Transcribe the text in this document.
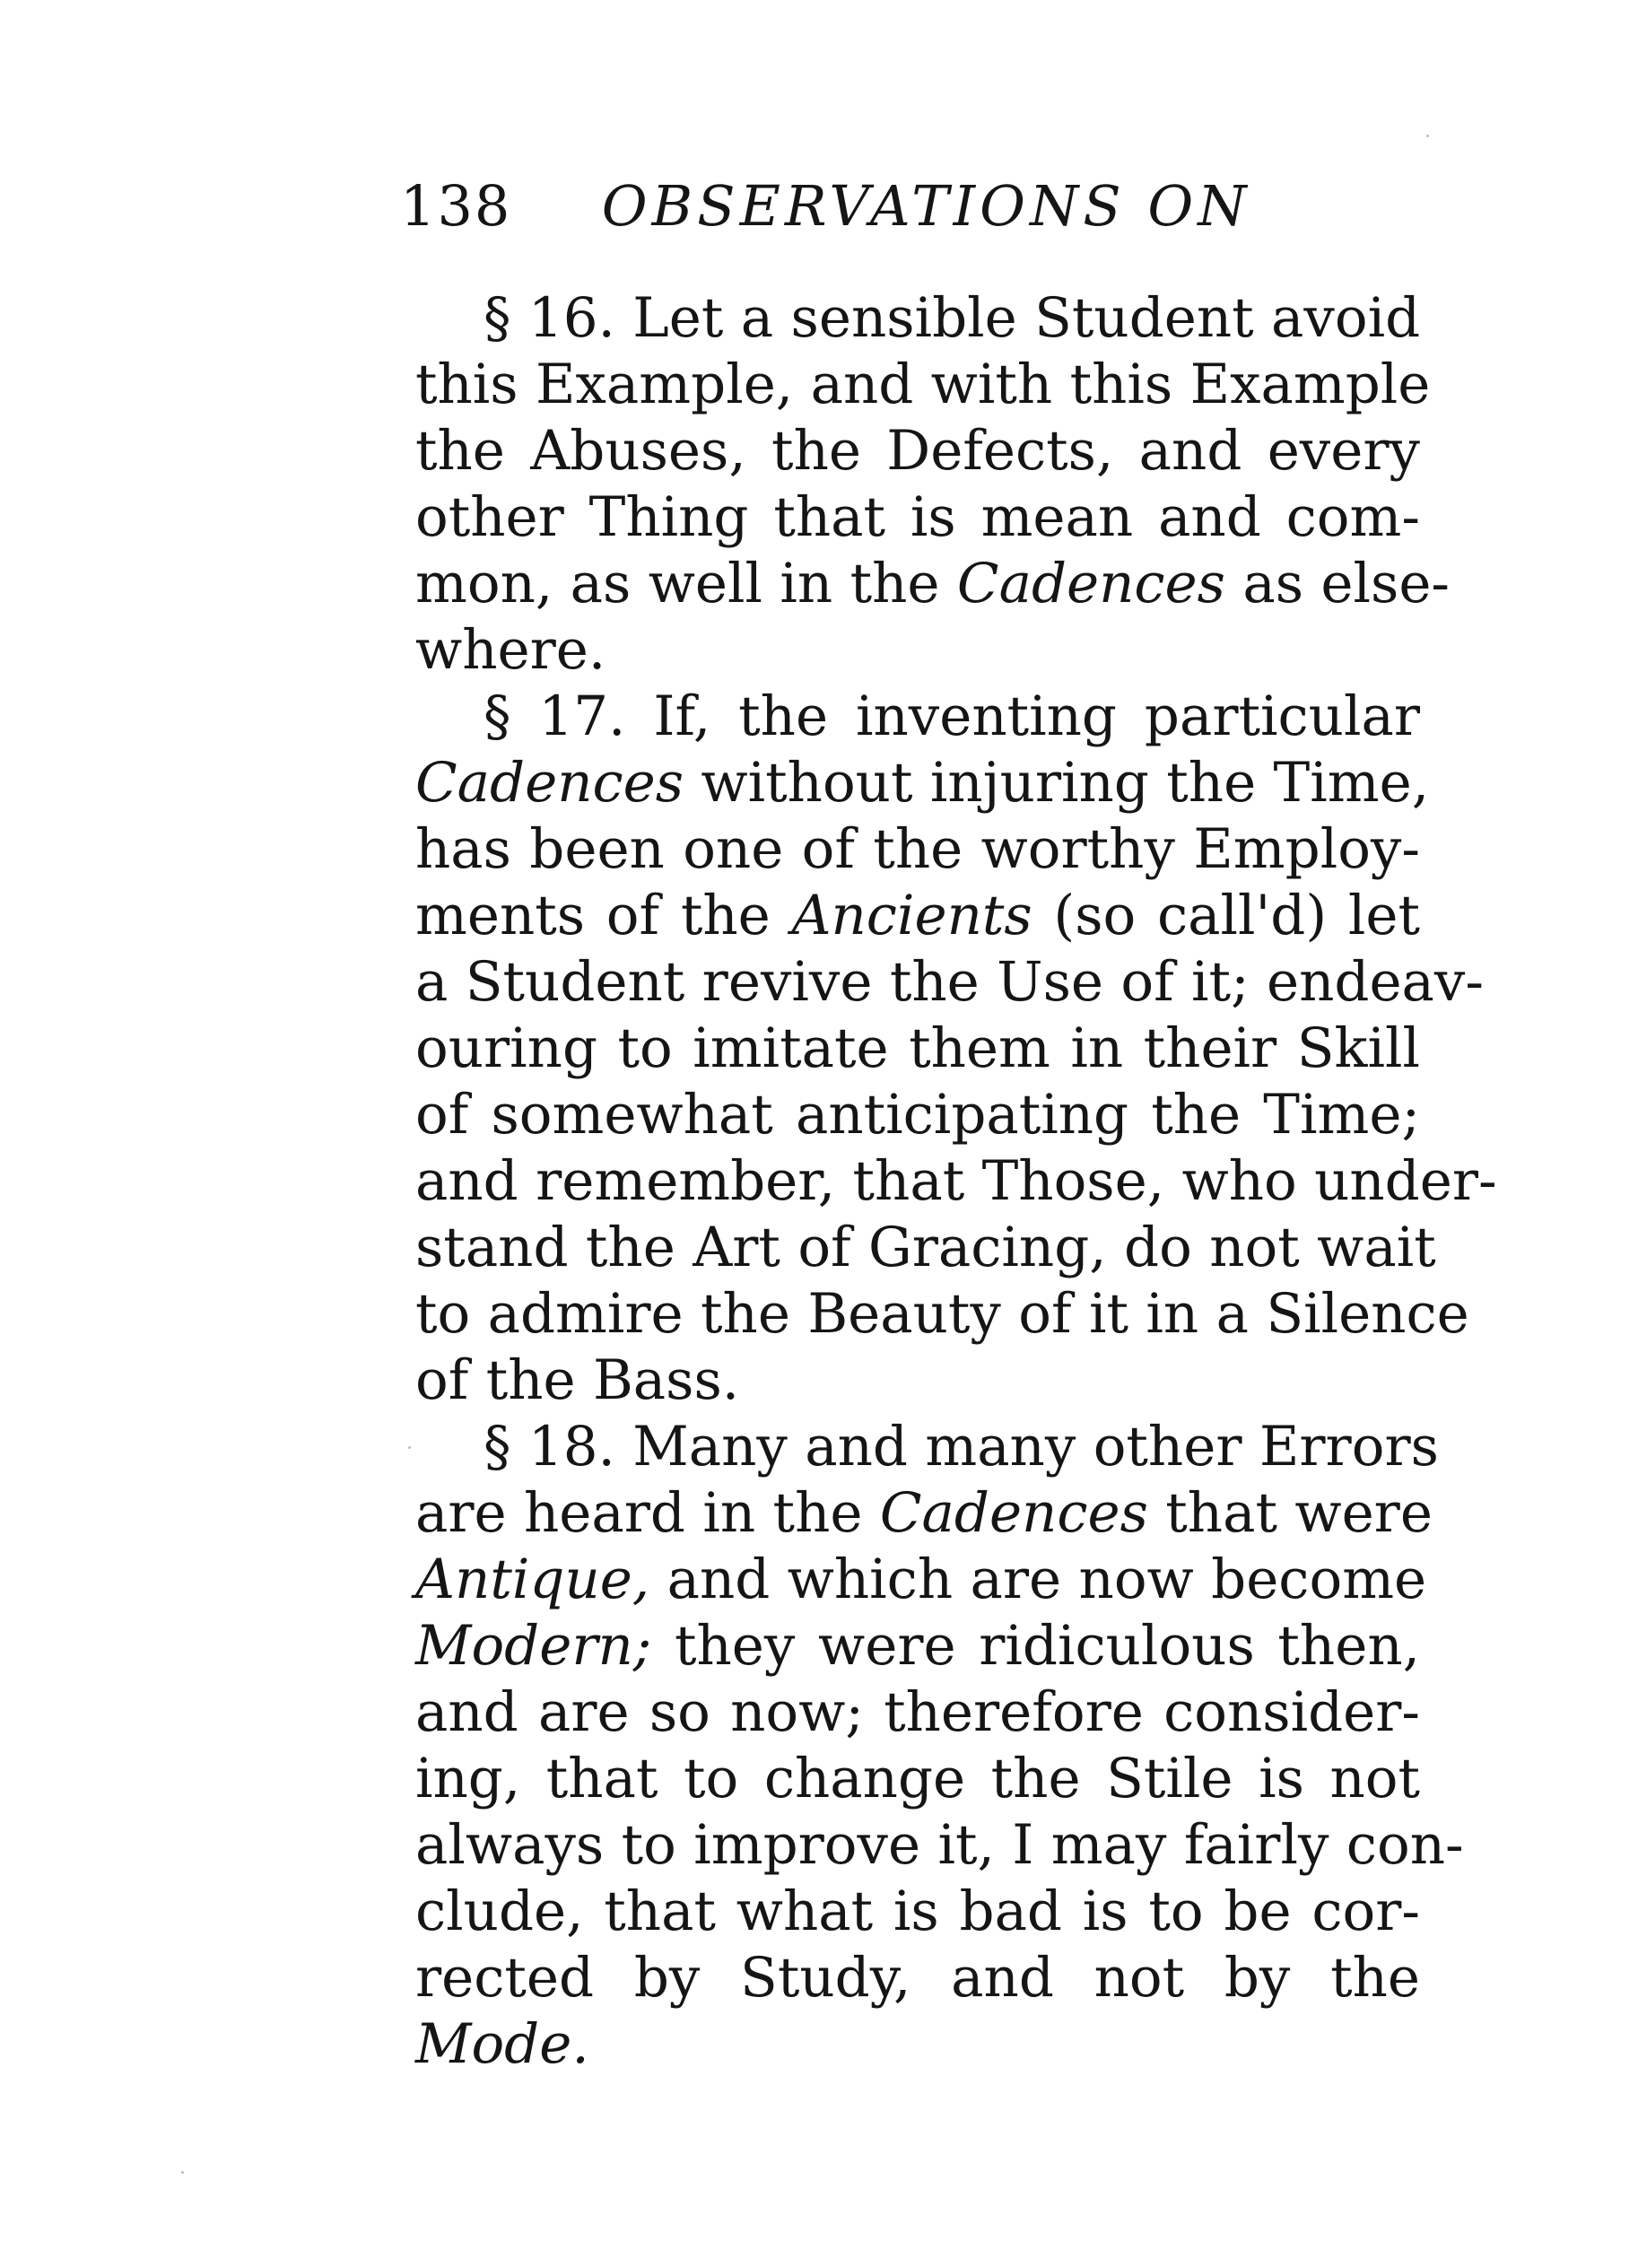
138 OBSERVATIONS ON

§ 16. Let a sensible Student avoid
this Example, and with this Example
the Abuses, the Defects, and every
other Thing that is mean and com-
mon, as well in the Cadences as else-
where.

§ 17. If, the inventing particular
Cadences without injuring the Time,
has been one of the worthy Employ-
ments of the Ancients (so call'd) let
a Student revive the Use of it; endeav-
ouring to imitate them in their Skill
of somewhat anticipating the Time;
and remember, that Those, who under-
stand the Art of Gracing, do not wait
to admire the Beauty of it in a Silence
of the Bass.

§ 18. Many and many other Errors
are heard in the Cadences that were
Antique, and which are now become
Modern; they were ridiculous then,
and are so now; therefore consider-
ing, that to change the Stile is not
always to improve it, I may fairly con-
clude, that what is bad is to be cor-
rected by Study, and not by the
Mode.
